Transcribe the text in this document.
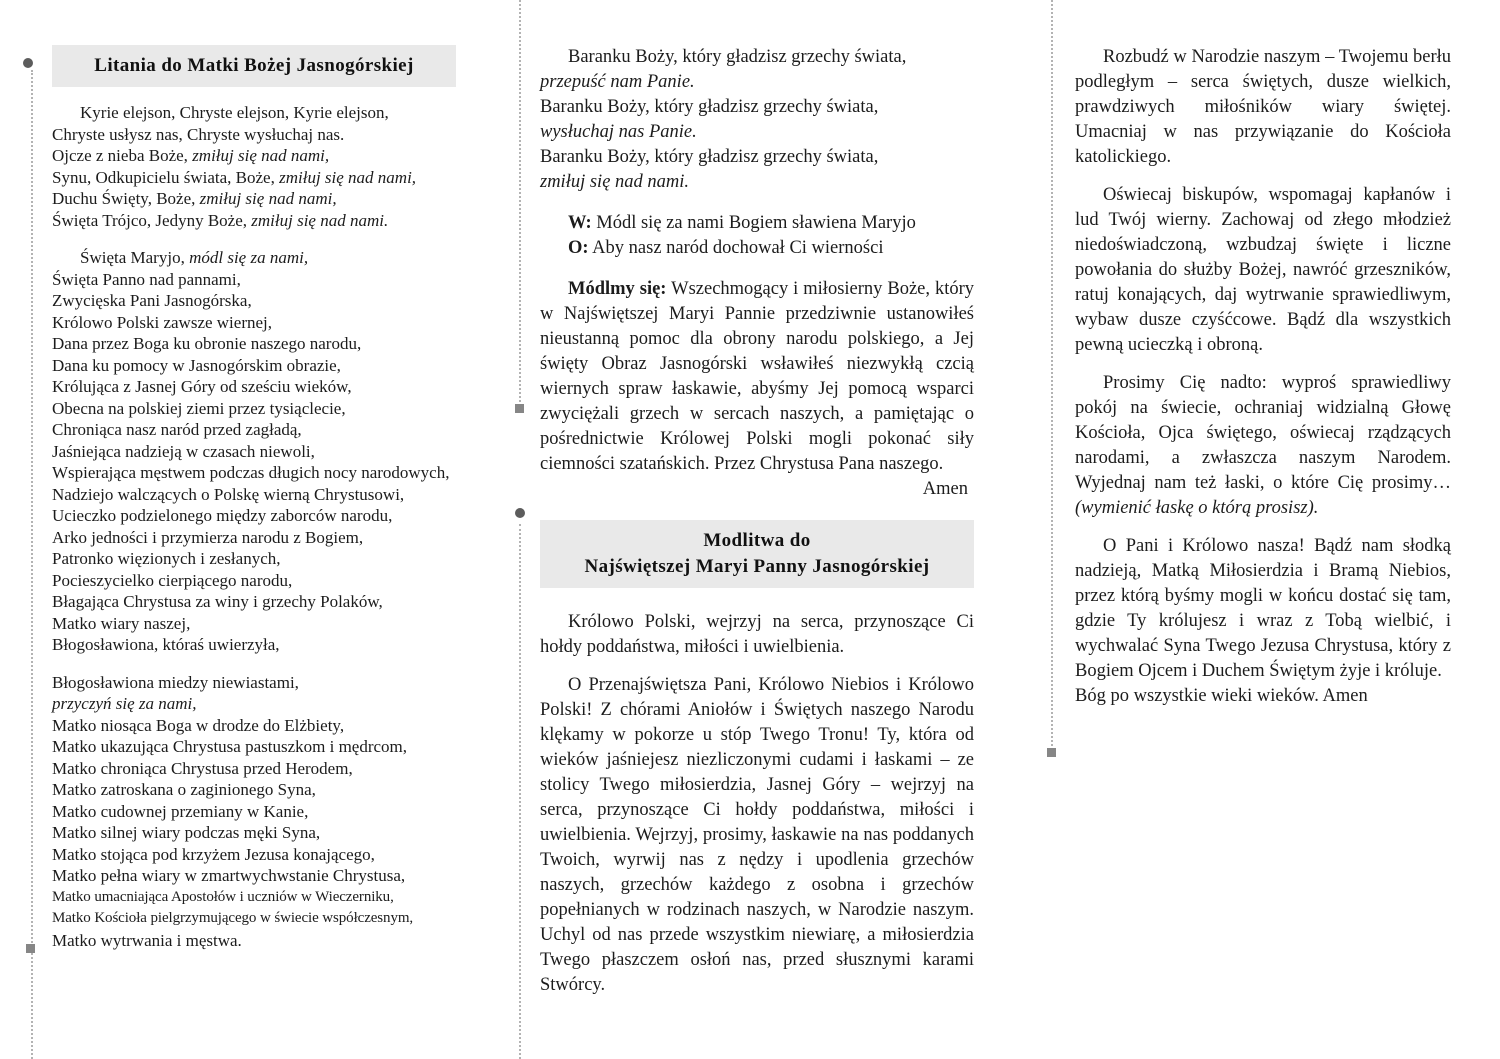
Litania do Matki Bożej Jasnogórskiej
Kyrie elejson, Chryste elejson, Kyrie elejson,
Chryste usłysz nas, Chryste wysłuchaj nas.
Ojcze z nieba Boże, zmiłuj się nad nami,
Synu, Odkupicielu świata, Boże, zmiłuj się nad nami,
Duchu Święty, Boże, zmiłuj się nad nami,
Święta Trójco, Jedyny Boże, zmiłuj się nad nami.
Święta Maryjo, módl się za nami,
Święta Panno nad pannami,
Zwycięska Pani Jasnogórska,
Królowo Polski zawsze wiernej,
Dana przez Boga ku obronie naszego narodu,
Dana ku pomocy w Jasnogórskim obrazie,
Królująca z Jasnej Góry od sześciu wieków,
Obecna na polskiej ziemi przez tysiąclecie,
Chroniąca nasz naród przed zagładą,
Jaśniejąca nadzieją w czasach niewoli,
Wspierająca męstwem podczas długich nocy narodowych,
Nadziejo walczących o Polskę wierną Chrystusowi,
Ucieczko podzielonego między zaborców narodu,
Arko jedności i przymierza narodu z Bogiem,
Patronko więzionych i zesłanych,
Pocieszycielko cierpiącego narodu,
Błagająca Chrystusa za winy i grzechy Polaków,
Matko wiary naszej,
Błogosławiona, któraś uwierzyła,
Błogosławiona miedzy niewiastami,
przyczyń się za nami,
Matko niosąca Boga w drodze do Elżbiety,
Matko ukazująca Chrystusa pastuszkom i mędrcom,
Matko chroniąca Chrystusa przed Herodem,
Matko zatroskana o zaginionego Syna,
Matko cudownej przemiany w Kanie,
Matko silnej wiary podczas męki Syna,
Matko stojąca pod krzyżem Jezusa konającego,
Matko pełna wiary w zmartwychwstanie Chrystusa,
Matko umacniająca Apostołów i uczniów w Wieczerniku,
Matko Kościoła pielgrzymującego w świecie współczesnym,
Matko wytrwania i męstwa.
Baranku Boży, który gładzisz grzechy świata,
przepuść nam Panie.
Baranku Boży, który gładzisz grzechy świata,
wysłuchaj nas Panie.
Baranku Boży, który gładzisz grzechy świata,
zmiłuj się nad nami.
W: Módl się za nami Bogiem sławiena Maryjo
O: Aby nasz naród dochował Ci wierności

Módlmy się: Wszechmogący i miłosierny Boże, który w Najświętszej Maryi Pannie przedziwnie ustanowiłeś nieustanną pomoc dla obrony narodu polskiego, a Jej święty Obraz Jasnogórski wsławiłeś niezwykłą czcią wiernych spraw łaskawie, abyśmy Jej pomocą wsparci zwyciężali grzech w sercach naszych, a pamiętając o pośrednictwie Królowej Polski mogli pokonać siły ciemności szatańskich. Przez Chrystusa Pana naszego.

Amen
Modlitwa do
Najświętszej Maryi Panny Jasnogórskiej

Królowo Polski, wejrzyj na serca, przynoszące Ci hołdy poddaństwa, miłości i uwielbienia.

O Przenajświętsza Pani, Królowo Niebios i Królowo Polski! Z chórami Aniołów i Świętych naszego Narodu klękamy w pokorze u stóp Twego Tronu! Ty, która od wieków jaśniejesz niezliczonymi cudami i łaskami – ze stolicy Twego miłosierdzia, Jasnej Góry – wejrzyj na serca, przynoszące Ci hołdy poddaństwa, miłości i uwielbienia. Wejrzyj, prosimy, łaskawie na nas poddanych Twoich, wyrwij nas z nędzy i upodlenia grzechów naszych, grzechów każdego z osobna i grzechów popełnianych w rodzinach naszych, w Narodzie naszym. Uchyl od nas przede wszystkim niewiarę, a miłosierdzia Twego płaszczem osłoń nas, przed słusznymi karami Stwórcy.

Rozbudź w Narodzie naszym – Twojemu berłu podległym – serca świętych, dusze wielkich, prawdziwych miłośników wiary świętej. Umacniaj w nas przywiązanie do Kościoła katolickiego.

Oświecaj biskupów, wspomagaj kapłanów i lud Twój wierny. Zachowaj od złego młodzież niedoświadczoną, wzbudzaj święte i liczne powołania do służby Bożej, nawróć grzeszników, ratuj konających, daj wytrwanie sprawiedliwym, wybaw dusze czyśćcowe. Bądź dla wszystkich pewną ucieczką i obroną.

Prosimy Cię nadto: wyproś sprawiedliwy pokój na świecie, ochraniaj widzialną Głowę Kościoła, Ojca świętego, oświecaj rządzących narodami, a zwłaszcza naszym Narodem. Wyjednaj nam też łaski, o które Cię prosimy… (wymienić łaskę o którą prosisz).

O Pani i Królowo nasza! Bądź nam słodką nadzieją, Matką Miłosierdzia i Bramą Niebios, przez którą byśmy mogli w końcu dostać się tam, gdzie Ty królujesz i wraz z Tobą wielbić, i wychwalać Syna Twego Jezusa Chrystusa, który z Bogiem Ojcem i Duchem Świętym żyje i króluje.

Bóg po wszystkie wieki wieków. Amen
